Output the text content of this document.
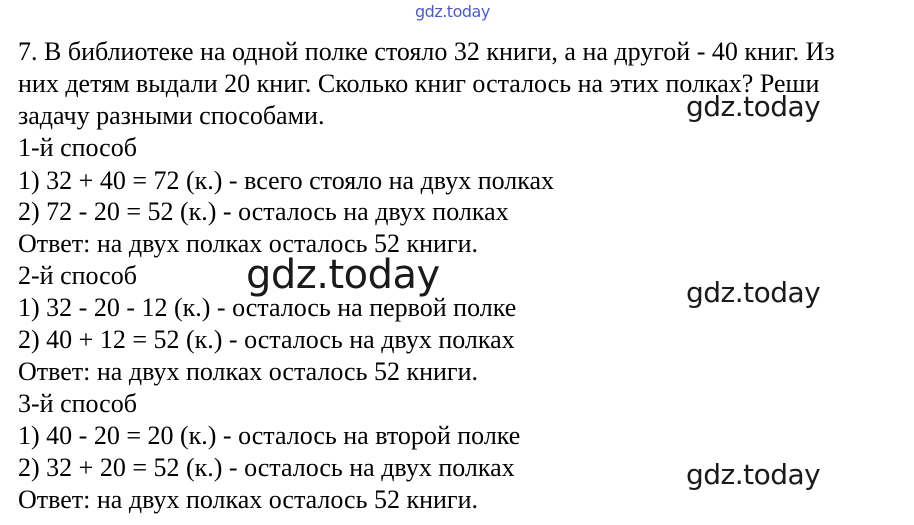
gdz.today
7. В библиотеке на одной полке стояло 32 книги, а на другой - 40 книг. Из
них детям выдали 20 книг. Сколько книг осталось на этих полках? Реши
задачу разными способами.	gdz.today
1-й способ
1) 32 + 40 = 72 (к.) - всего стояло на двух полках
2) 72 - 20 = 52 (к.) - осталось на двух полках
Ответ: на двух полках осталось 52 книги.
2-й способ	gdz.today
1) 32 - 20 - 12 (к.) - осталось на первой полке	gdz.today
2) 40 + 12 = 52 (к.) - осталось на двух полках
Ответ: на двух полках осталось 52 книги.
3-й способ
1) 40 - 20 = 20 (к.) - осталось на второй полке
2) 32 + 20 = 52 (к.) - осталось на двух полках	gdz.today
Ответ: на двух полках осталось 52 книги.
